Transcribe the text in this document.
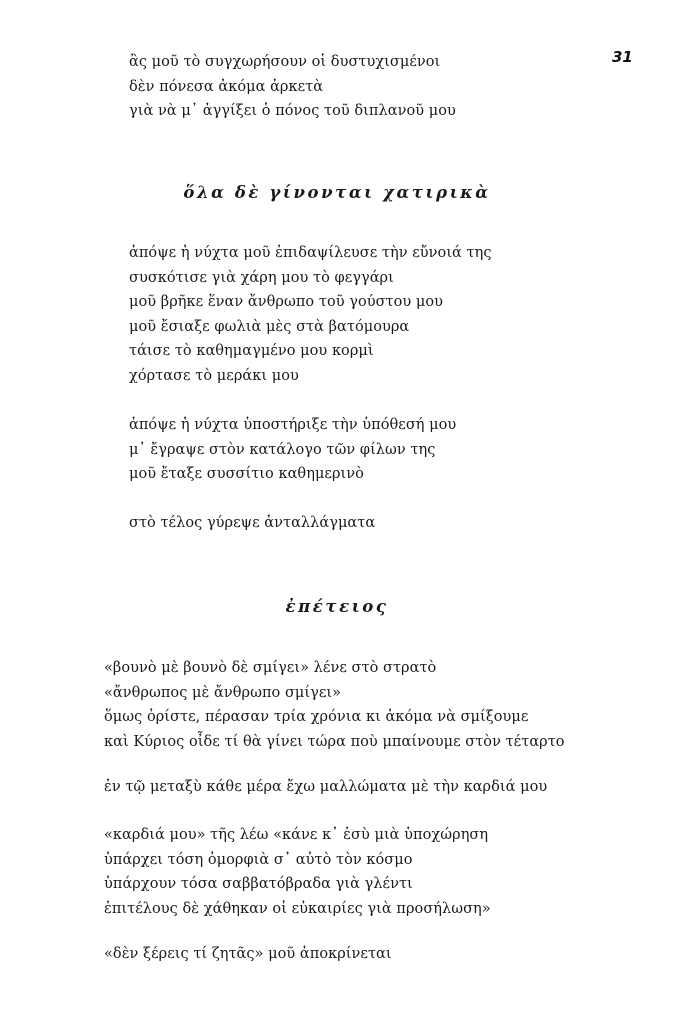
31
ἂς μοῦ τὸ συγχωρήσουν οἱ δυστυχισμένοι
δὲν πόνεσα ἀκόμα ἀρκετὰ
γιὰ νὰ μ᾿ ἀγγίξει ὁ πόνος τοῦ διπλανοῦ μου
ὅλα δὲ γίνονται χατιρικὰ
ἀπόψε ἡ νύχτα μοῦ ἐπιδαψίλευσε τὴν εὔνοιά της
συσκότισε γιὰ χάρη μου τὸ φεγγάρι
μοῦ βρῆκε ἕναν ἄνθρωπο τοῦ γούστου μου
μοῦ ἔσιαξε φωλιὰ μὲς στὰ βατόμουρα
τάισε τὸ καθημαγμένο μου κορμὶ
χόρτασε τὸ μεράκι μου
ἀπόψε ἡ νύχτα ὑποστήριξε τὴν ὑπόθεσή μου
μ᾿ ἔγραψε στὸν κατάλογο τῶν φίλων της
μοῦ ἔταξε συσσίτιο καθημερινὸ
στὸ τέλος γύρεψε ἀνταλλάγματα
ἐπέτειος
«βουνὸ μὲ βουνὸ δὲ σμίγει» λένε στὸ στρατὸ
«ἄνθρωπος μὲ ἄνθρωπο σμίγει»
ὅμως ὁρίστε, πέρασαν τρία χρόνια κι ἀκόμα νὰ σμίξουμε
καὶ Κύριος οἶδε τί θὰ γίνει τώρα ποὺ μπαίνουμε στὸν τέταρτο
ἐν τῷ μεταξὺ κάθε μέρα ἔχω μαλλώματα μὲ τὴν καρδιά μου
«καρδιά μου» τῆς λέω «κάνε κ᾿ ἐσὺ μιὰ ὑποχώρηση
ὑπάρχει τόση ὀμορφιὰ σ᾿ αὐτὸ τὸν κόσμο
ὑπάρχουν τόσα σαββατόβραδα γιὰ γλέντι
ἐπιτέλους δὲ χάθηκαν οἱ εὐκαιρίες γιὰ προσήλωση»
«δὲν ξέρεις τί ζητᾶς» μοῦ ἀποκρίνεται
